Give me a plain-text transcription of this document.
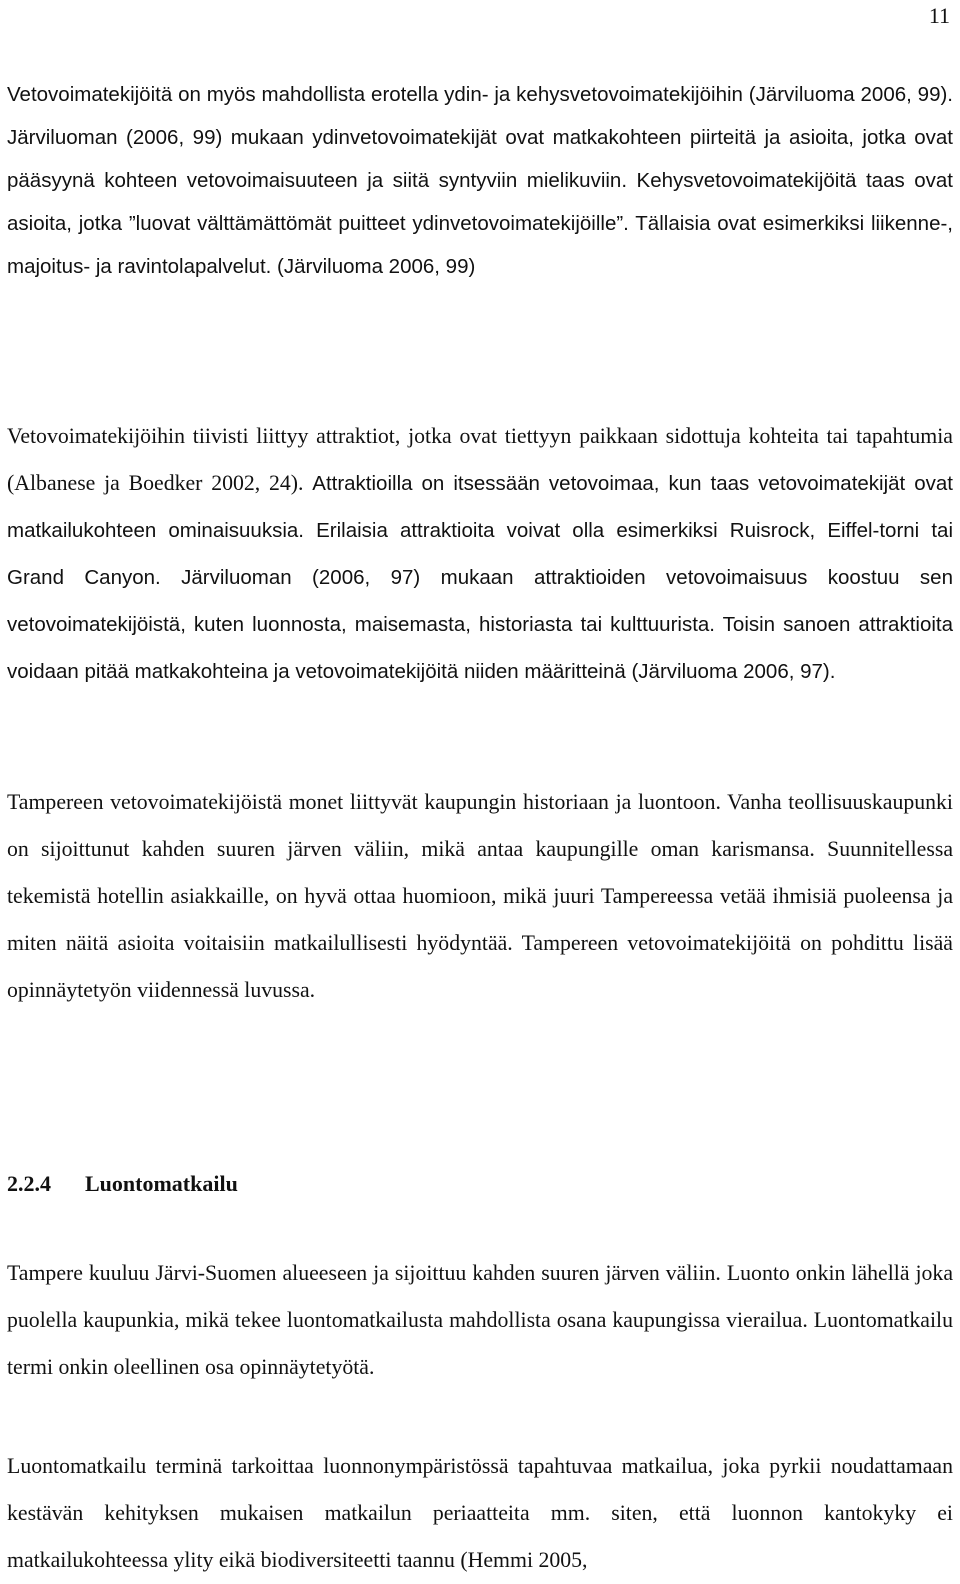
11

Vetovoimatekijöitä on myös mahdollista erotella ydin- ja kehysvetovoimatekijöihin (Järviluoma 2006, 99). Järviluoman (2006, 99) mukaan ydinvetovoimatekijät ovat matkakohteen piirteitä ja asioita, jotka ovat pääsyynä kohteen vetovoimaisuuteen ja siitä syntyviin mielikuviin. Kehysvetovoimatekijöitä taas ovat asioita, jotka ”luovat välttämättömät puitteet ydinvetovoimatekijöille”. Tällaisia ovat esimerkiksi liikenne-, majoitus- ja ravintolapalvelut. (Järviluoma 2006, 99)

Vetovoimatekijöihin tiivisti liittyy attraktiot, jotka ovat tiettyyn paikkaan sidottuja kohteita tai tapahtumia (Albanese ja Boedker 2002, 24). Attraktioilla on itsessään vetovoimaa, kun taas vetovoimatekijät ovat matkailukohteen ominaisuuksia. Erilaisia attraktioita voivat olla esimerkiksi Ruisrock, Eiffel-torni tai Grand Canyon. Järviluoman (2006, 97) mukaan attraktioiden vetovoimaisuus koostuu sen vetovoimatekijöistä, kuten luonnosta, maisemasta, historiasta tai kulttuurista. Toisin sanoen attraktioita voidaan pitää matkakohteina ja vetovoimatekijöitä niiden määritteinä (Järviluoma 2006, 97).

Tampereen vetovoimatekijöistä monet liittyvät kaupungin historiaan ja luontoon. Vanha teollisuuskaupunki on sijoittunut kahden suuren järven väliin, mikä antaa kaupungille oman karismansa. Suunnitellessa tekemistä hotellin asiakkaille, on hyvä ottaa huomioon, mikä juuri Tampereessa vetää ihmisiä puoleensa ja miten näitä asioita voitaisiin matkailullisesti hyödyntää. Tampereen vetovoimatekijöitä on pohdittu lisää opinnäytetyön viidennessä luvussa.

2.2.4 Luontomatkailu

Tampere kuuluu Järvi-Suomen alueeseen ja sijoittuu kahden suuren järven väliin. Luonto onkin lähellä joka puolella kaupunkia, mikä tekee luontomatkailusta mahdollista osana kaupungissa vierailua. Luontomatkailu termi onkin oleellinen osa opinnäytetyötä.

Luontomatkailu terminä tarkoittaa luonnonympäristössä tapahtuvaa matkailua, joka pyrkii noudattamaan kestävän kehityksen mukaisen matkailun periaatteita mm. siten, että luonnon kantokyky ei matkailukohteessa ylity eikä biodiversiteetti taannu (Hemmi 2005,
